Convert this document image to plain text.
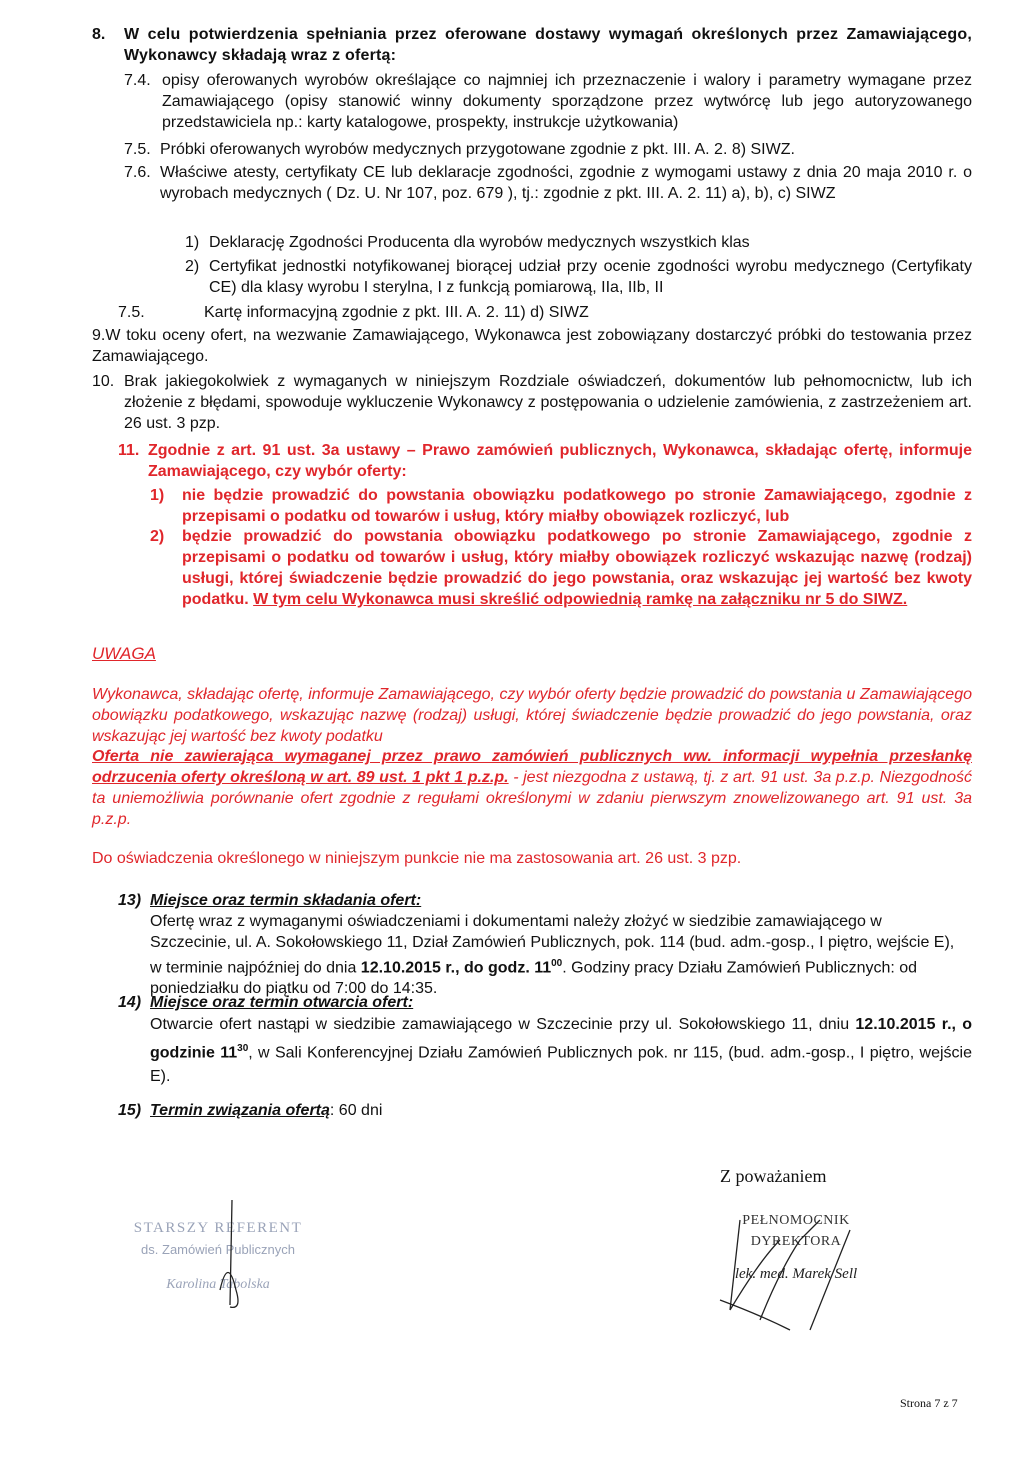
8.	W celu potwierdzenia spełniania przez oferowane dostawy wymagań określonych przez Zamawiającego, Wykonawcy składają wraz z ofertą:
7.4. opisy oferowanych wyrobów określające co najmniej ich przeznaczenie i walory i parametry wymagane przez Zamawiającego (opisy stanowić winny dokumenty sporządzone przez wytwórcę lub jego autoryzowanego przedstawiciela np.: karty katalogowe, prospekty, instrukcje użytkowania)
7.5. Próbki oferowanych wyrobów medycznych przygotowane zgodnie z pkt. III. A. 2. 8) SIWZ.
7.6. Właściwe atesty, certyfikaty CE lub deklaracje zgodności, zgodnie z wymogami ustawy z dnia 20 maja 2010 r. o wyrobach medycznych ( Dz. U. Nr 107, poz. 679 ), tj.: zgodnie z pkt. III. A. 2. 11) a), b), c) SIWZ
1) Deklarację Zgodności Producenta dla wyrobów medycznych wszystkich klas
2) Certyfikat jednostki notyfikowanej biorącej udział przy ocenie zgodności wyrobu medycznego (Certyfikaty CE) dla klasy wyrobu I sterylna, I z funkcją pomiarową, IIa, IIb, II
7.5.	Kartę informacyjną zgodnie z pkt. III. A. 2. 11) d) SIWZ

9.W toku oceny ofert, na wezwanie Zamawiającego, Wykonawca jest zobowiązany dostarczyć próbki do testowania przez Zamawiającego.

10. Brak jakiegokolwiek z wymaganych w niniejszym Rozdziale oświadczeń, dokumentów lub pełnomocnictw, lub ich złożenie z błędami, spowoduje wykluczenie Wykonawcy z postępowania o udzielenie zamówienia, z zastrzeżeniem art. 26 ust. 3 pzp.
11. Zgodnie z art. 91 ust. 3a ustawy – Prawo zamówień publicznych, Wykonawca, składając ofertę, informuje Zamawiającego, czy wybór oferty:
1)	nie będzie prowadzić do powstania obowiązku podatkowego po stronie Zamawiającego, zgodnie z przepisami o podatku od towarów i usług, który miałby obowiązek rozliczyć, lub
2)	będzie prowadzić do powstania obowiązku podatkowego po stronie Zamawiającego, zgodnie z przepisami o podatku od towarów i usług, który miałby obowiązek rozliczyć wskazując nazwę (rodzaj) usługi, której świadczenie będzie prowadzić do jego powstania, oraz wskazując jej wartość bez kwoty podatku. W tym celu Wykonawca musi skreślić odpowiednią ramkę na załączniku nr 5 do SIWZ.
UWAGA

Wykonawca, składając ofertę, informuje Zamawiającego, czy wybór oferty będzie prowadzić do powstania u Zamawiającego obowiązku podatkowego, wskazując nazwę (rodzaj) usługi, której świadczenie będzie prowadzić do jego powstania, oraz wskazując jej wartość bez kwoty podatku

Oferta nie zawierająca wymaganej przez prawo zamówień publicznych ww. informacji wypełnia przesłankę odrzucenia oferty określoną w art. 89 ust. 1 pkt 1 p.z.p. - jest niezgodna z ustawą, tj. z art. 91 ust. 3a p.z.p. Niezgodność ta uniemożliwia porównanie ofert zgodnie z regułami określonymi w zdaniu pierwszym znowelizowanego art. 91 ust. 3a p.z.p.

Do oświadczenia określonego w niniejszym punkcie nie ma zastosowania art. 26 ust. 3 pzp.

13) Miejsce oraz termin składania ofert:

Ofertę wraz z wymaganymi oświadczeniami i dokumentami należy złożyć w siedzibie zamawiającego w Szczecinie, ul. A. Sokołowskiego 11, Dział Zamówień Publicznych, pok. 114 (bud. adm.-gosp., I piętro, wejście E), w terminie najpóźniej do dnia 12.10.2015 r., do godz. $11^{00}$. Godziny pracy Działu Zamówień Publicznych: od poniedziałku do piątku od 7:00 do 14:35.

14) Miejsce oraz termin otwarcia ofert:

Otwarcie ofert nastąpi w siedzibie zamawiającego w Szczecinie przy ul. Sokołowskiego 11, dniu 12.10.2015 r., o godzinie $11^{30}$, w Sali Konferencyjnej Działu Zamówień Publicznych pok. nr 115, (bud. adm.-gosp., I piętro, wejście E).

15) Termin związania ofertą : 60 dni
Z poważaniem
STARSZY REFERENT
ds. Zamówień Publicznych
Karolina Tabolska
PEŁNOMOCNIK DYREKTORA
lek. med. Marek Sell
Strona 7 z 7
